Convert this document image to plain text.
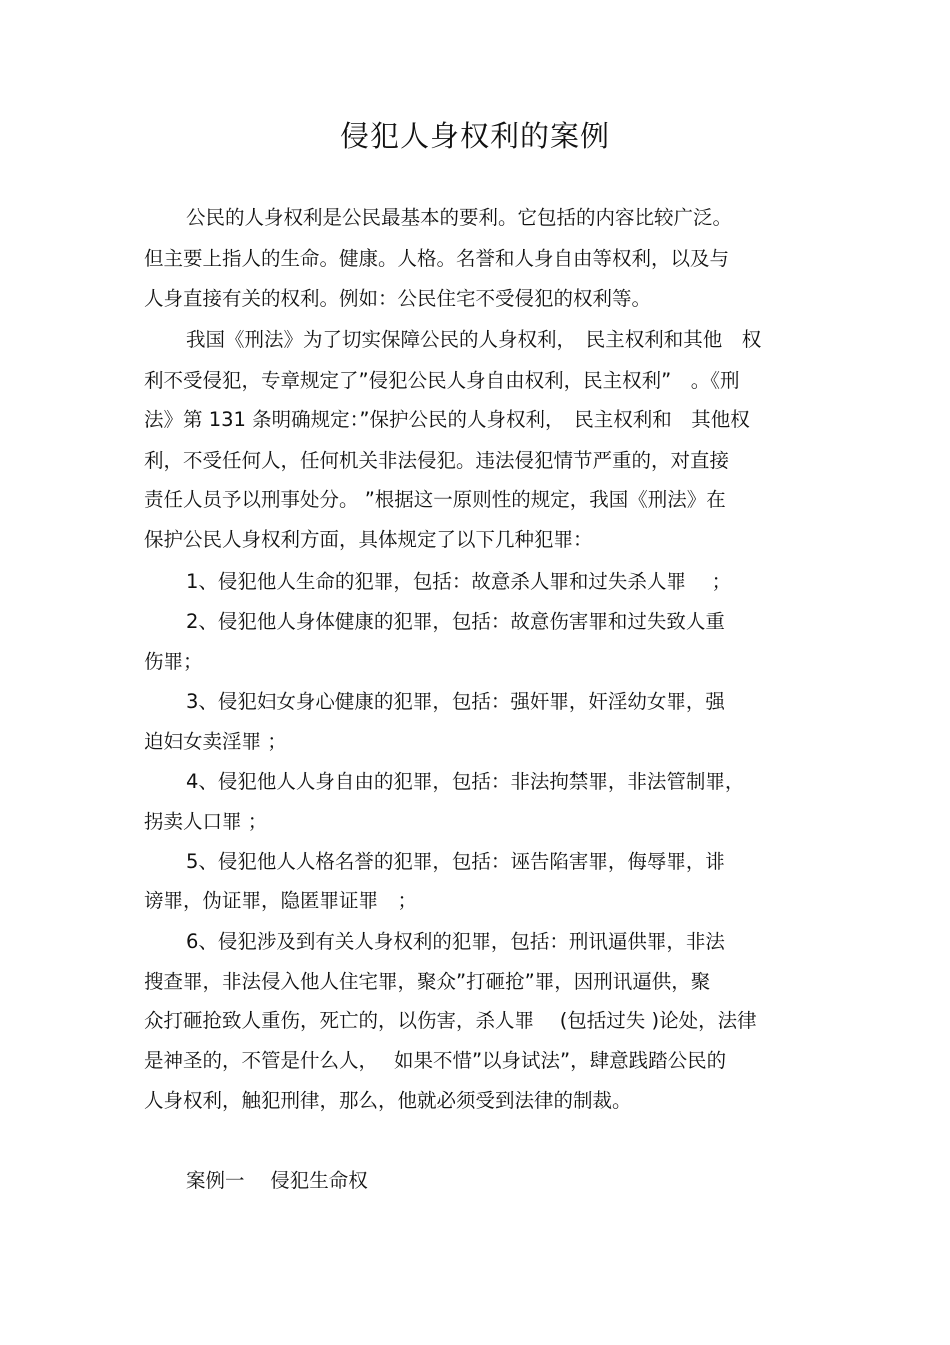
侵犯人身权利的案例

公民的人身权利是公民最基本的要利。它包括的内容比较广泛。

但主要上指人的生命。健康。人格。名誉和人身自由等权利，以及与

人身直接有关的权利。例如：公民住宅不受侵犯的权利等。

我国《刑法》为了切实保障公民的人身权利，　民主权利和其他　权

利不受侵犯，专章规定了”侵犯公民人身自由权利，民主权利”　。《刑

法》第 131 条明确规定：”保护公民的人身权利，　民主权利和　其他权

利，不受任何人，任何机关非法侵犯。违法侵犯情节严重的，对直接

责任人员予以刑事处分。 ”根据这一原则性的规定，我国《刑法》在

保护公民人身权利方面，具体规定了以下几种犯罪：

1、侵犯他人生命的犯罪，包括：故意杀人罪和过失杀人罪　 ；

2、侵犯他人身体健康的犯罪，包括：故意伤害罪和过失致人重

伤罪；

3、侵犯妇女身心健康的犯罪，包括：强奸罪，奸淫幼女罪，强

迫妇女卖淫罪 ；

4、侵犯他人人身自由的犯罪，包括：非法拘禁罪，非法管制罪，

拐卖人口罪 ；

5、侵犯他人人格名誉的犯罪，包括：诬告陷害罪，侮辱罪，诽

谤罪，伪证罪，隐匿罪证罪　；

6、侵犯涉及到有关人身权利的犯罪，包括：刑讯逼供罪，非法

搜查罪，非法侵入他人住宅罪，聚众”打砸抢”罪，因刑讯逼供，聚

众打砸抢致人重伤，死亡的，以伤害，杀人罪　 (包括过失 )论处，法律

是神圣的，不管是什么人，　 如果不惜”以身试法”，肆意践踏公民的

人身权利，触犯刑律，那么，他就必须受到法律的制裁。

案例一　 侵犯生命权
